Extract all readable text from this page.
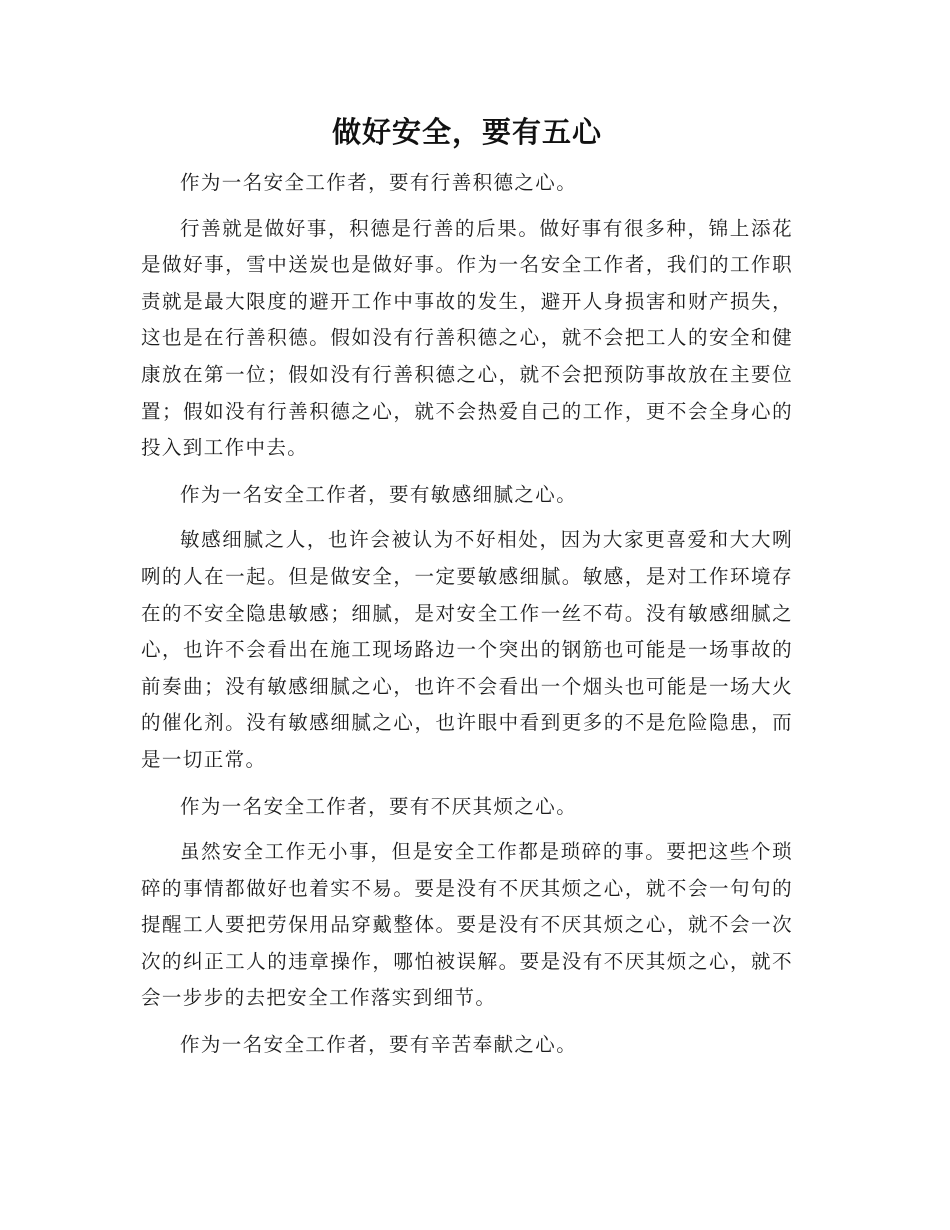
做好安全，要有五心

作为一名安全工作者，要有行善积德之心。

行善就是做好事，积德是行善的后果。做好事有很多种，锦上添花是做好事，雪中送炭也是做好事。作为一名安全工作者，我们的工作职责就是最大限度的避开工作中事故的发生，避开人身损害和财产损失，这也是在行善积德。假如没有行善积德之心，就不会把工人的安全和健康放在第一位；假如没有行善积德之心，就不会把预防事故放在主要位置；假如没有行善积德之心，就不会热爱自己的工作，更不会全身心的投入到工作中去。

作为一名安全工作者，要有敏感细腻之心。

敏感细腻之人，也许会被认为不好相处，因为大家更喜爱和大大咧咧的人在一起。但是做安全，一定要敏感细腻。敏感，是对工作环境存在的不安全隐患敏感；细腻，是对安全工作一丝不苟。没有敏感细腻之心，也许不会看出在施工现场路边一个突出的钢筋也可能是一场事故的前奏曲；没有敏感细腻之心，也许不会看出一个烟头也可能是一场大火的催化剂。没有敏感细腻之心，也许眼中看到更多的不是危险隐患，而是一切正常。

作为一名安全工作者，要有不厌其烦之心。

虽然安全工作无小事，但是安全工作都是琐碎的事。要把这些个琐碎的事情都做好也着实不易。要是没有不厌其烦之心，就不会一句句的提醒工人要把劳保用品穿戴整体。要是没有不厌其烦之心，就不会一次次的纠正工人的违章操作，哪怕被误解。要是没有不厌其烦之心，就不会一步步的去把安全工作落实到细节。

作为一名安全工作者，要有辛苦奉献之心。
